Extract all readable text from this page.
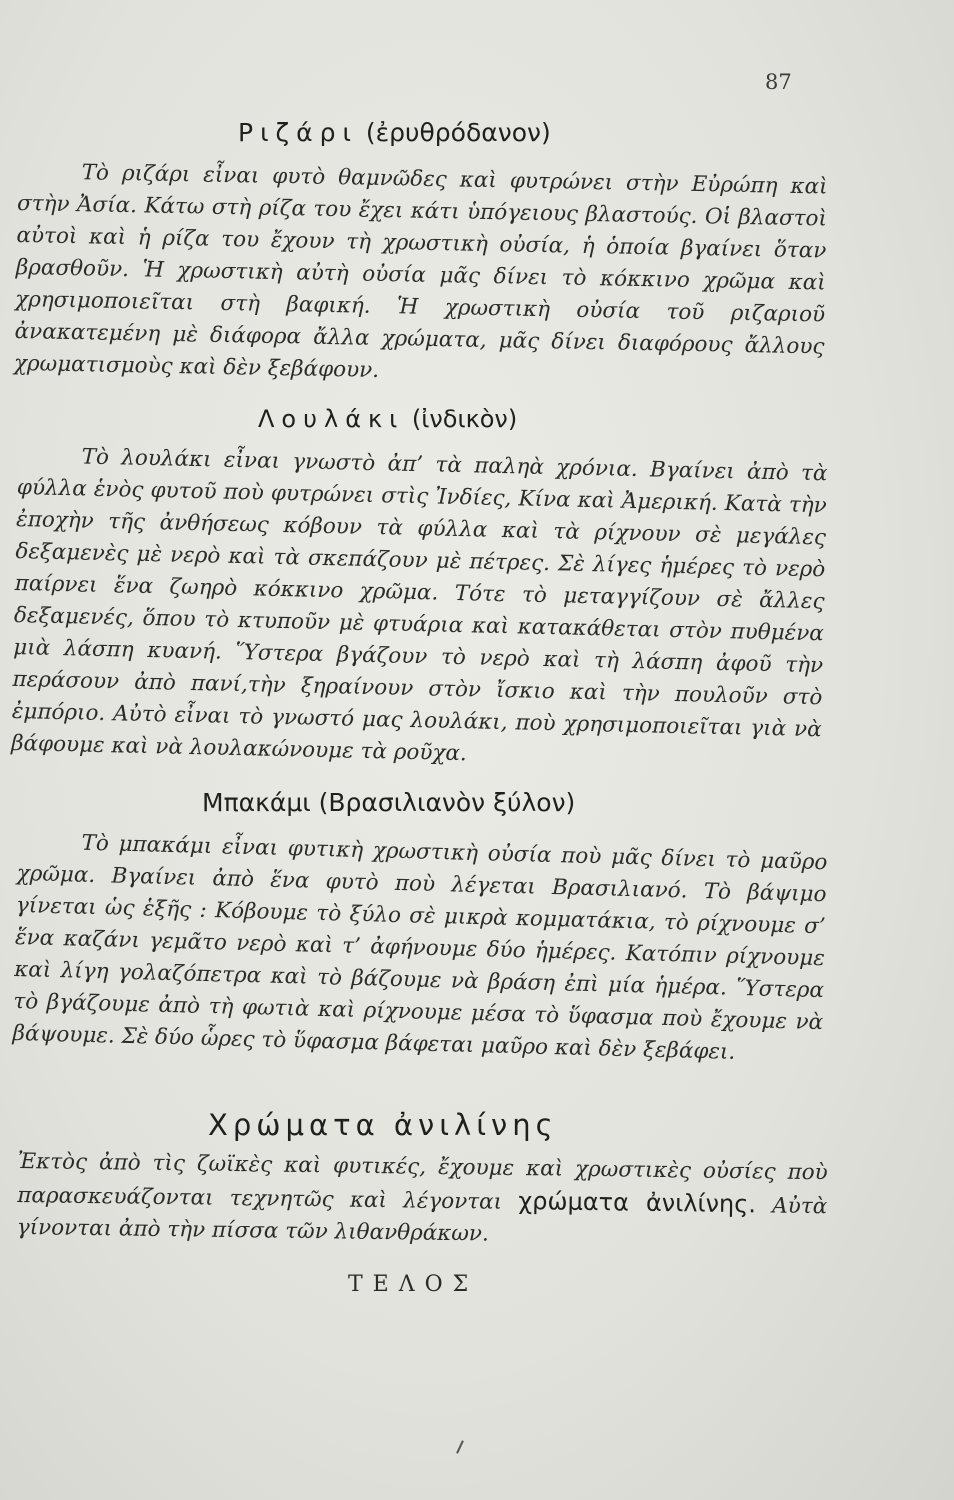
87
Ριζάρι (ἐρυθρόδανον)
Τὸ ριζάρι εἶναι φυτὸ θαμνῶδες καὶ φυτρώνει στὴν Εὐρώπη καὶ στὴν Ἀσία. Κάτω στὴ ρίζα του ἔχει κάτι ὑπόγειους βλαστούς. Οἱ βλαστοὶ αὐτοὶ καὶ ἡ ρίζα του ἔχουν τὴ χρωστικὴ οὐσία, ἡ ὁποία βγαίνει ὅταν βρασθοῦν. Ἡ χρωστικὴ αὐτὴ οὐσία μᾶς δίνει τὸ κόκκινο χρῶμα καὶ χρησιμοποιεῖται στὴ βαφική. Ἡ χρωστικὴ οὐσία τοῦ ριζαριοῦ ἀνακατεμένη μὲ διάφορα ἄλλα χρώματα, μᾶς δίνει διαφόρους ἄλλους χρωματισμοὺς καὶ δὲν ξεβάφουν.
Λουλάκι (ἰνδικὸν)
Τὸ λουλάκι εἶναι γνωστὸ ἀπ’ τὰ παληὰ χρόνια. Βγαίνει ἀπὸ τὰ φύλλα ἑνὸς φυτοῦ ποὺ φυτρώνει στὶς Ἰνδίες, Κίνα καὶ Ἀμερική. Κατὰ τὴν ἐποχὴν τῆς ἀνθήσεως κόβουν τὰ φύλλα καὶ τὰ ρίχνουν σὲ μεγάλες δεξαμενὲς μὲ νερὸ καὶ τὰ σκεπάζουν μὲ πέτρες. Σὲ λίγες ἡμέρες τὸ νερὸ παίρνει ἕνα ζωηρὸ κόκκινο χρῶμα. Τότε τὸ μεταγγίζουν σὲ ἄλλες δεξαμενές, ὅπου τὸ κτυποῦν μὲ φτυάρια καὶ κατακάθεται στὸν πυθμένα μιὰ λάσπη κυανή. Ὕστερα βγάζουν τὸ νερὸ καὶ τὴ λάσπη ἀφοῦ τὴν περάσουν ἀπὸ πανί,τὴν ξηραίνουν στὸν ἴσκιο καὶ τὴν πουλοῦν στὸ ἐμπόριο. Αὐτὸ εἶναι τὸ γνωστό μας λουλάκι, ποὺ χρησιμοποιεῖται γιὰ νὰ βάφουμε καὶ νὰ λουλακώνουμε τὰ ροῦχα.
Μπακάμι (Βρασιλιανὸν ξύλον)
Τὸ μπακάμι εἶναι φυτικὴ χρωστικὴ οὐσία ποὺ μᾶς δίνει τὸ μαῦρο χρῶμα. Βγαίνει ἀπὸ ἕνα φυτὸ ποὺ λέγεται Βρασιλιανό. Τὸ βάψιμο γίνεται ὡς ἑξῆς : Κόβουμε τὸ ξύλο σὲ μικρὰ κομματάκια, τὸ ρίχνουμε σ’ ἕνα καζάνι γεμᾶτο νερὸ καὶ τ’ ἀφήνουμε δύο ἡμέρες. Κατόπιν ρίχνουμε καὶ λίγη γολαζόπετρα καὶ τὸ βάζουμε νὰ βράση ἐπὶ μία ἡμέρα. Ὕστερα τὸ βγάζουμε ἀπὸ τὴ φωτιὰ καὶ ρίχνουμε μέσα τὸ ὕφασμα ποὺ ἔχουμε νὰ βάψουμε. Σὲ δύο ὧρες τὸ ὕφασμα βάφεται μαῦρο καὶ δὲν ξεβάφει.
Χρώματα ἀνιλίνης
Ἐκτὸς ἀπὸ τὶς ζωϊκὲς καὶ φυτικές, ἔχουμε καὶ χρωστικὲς οὐσίες ποὺ παρασκευάζονται τεχνητῶς καὶ λέγονται χρώματα ἀνιλίνης. Αὐτὰ γίνονται ἀπὸ τὴν πίσσα τῶν λιθανθράκων.
ΤΕΛΟΣ
